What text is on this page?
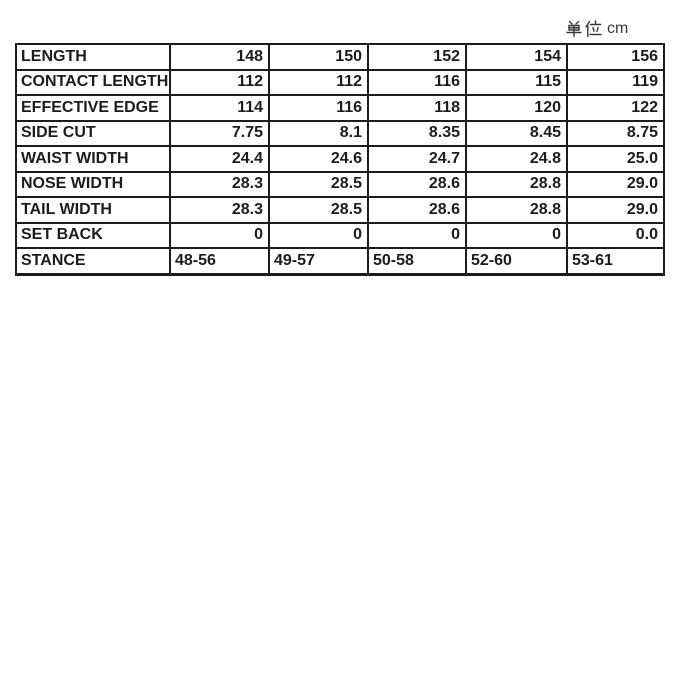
cm
LENGTH	148	150	152	154	156
CONTACT LENGTH	112	112	116	115	119
EFFECTIVE EDGE	114	116	118	120	122
SIDE CUT	7.75	8.1	8.35	8.45	8.75
WAIST WIDTH	24.4	24.6	24.7	24.8	25.0
NOSE WIDTH	28.3	28.5	28.6	28.8	29.0
TAIL WIDTH	28.3	28.5	28.6	28.8	29.0
SET BACK	0	0	0	0	0.0
STANCE	48-56	49-57	50-58	52-60	53-61
